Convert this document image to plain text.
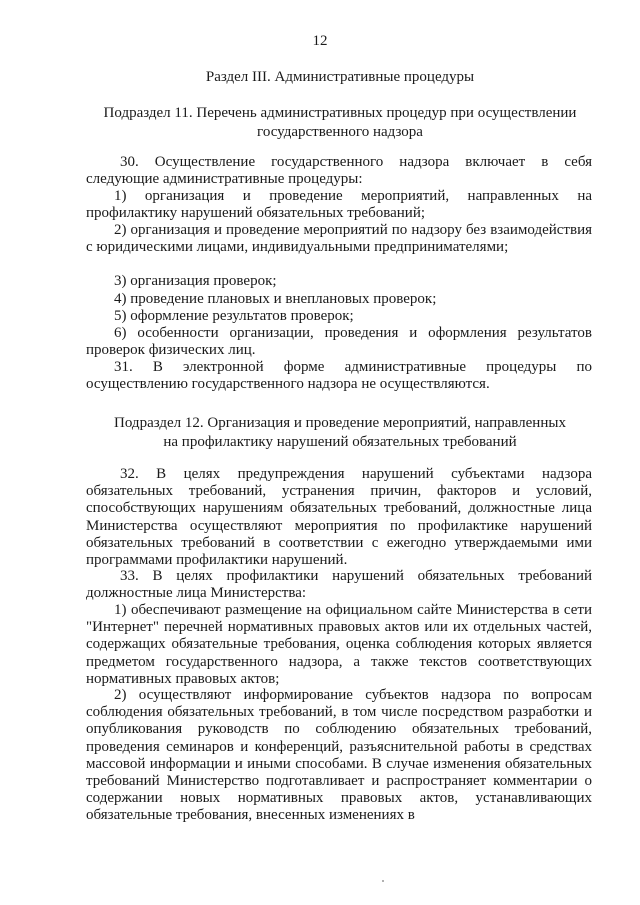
12
Раздел III. Административные процедуры
Подраздел 11. Перечень административных процедур при осуществлении
государственного надзора
30. Осуществление государственного надзора включает в себя следующие административные процедуры:
1) организация и проведение мероприятий, направленных на профилактику нарушений обязательных требований;
2) организация и проведение мероприятий по надзору без взаимодействия с юридическими лицами, индивидуальными предпринимателями;
3) организация проверок;
4) проведение плановых и внеплановых проверок;
5) оформление результатов проверок;
6) особенности организации, проведения и оформления результатов проверок физических лиц.
31. В электронной форме административные процедуры по осуществлению государственного надзора не осуществляются.
Подраздел 12. Организация и проведение мероприятий, направленных
на профилактику нарушений обязательных требований
32. В целях предупреждения нарушений субъектами надзора обязательных требований, устранения причин, факторов и условий, способствующих нарушениям обязательных требований, должностные лица Министерства осуществляют мероприятия по профилактике нарушений обязательных требований в соответствии с ежегодно утверждаемыми ими программами профилактики нарушений.
33. В целях профилактики нарушений обязательных требований должностные лица Министерства:
1) обеспечивают размещение на официальном сайте Министерства в сети "Интернет" перечней нормативных правовых актов или их отдельных частей, содержащих обязательные требования, оценка соблюдения которых является предметом государственного надзора, а также текстов соответствующих нормативных правовых актов;
2) осуществляют информирование субъектов надзора по вопросам соблюдения обязательных требований, в том числе посредством разработки и опубликования руководств по соблюдению обязательных требований, проведения семинаров и конференций, разъяснительной работы в средствах массовой информации и иными способами. В случае изменения обязательных требований Министерство подготавливает и распространяет комментарии о содержании новых нормативных правовых актов, устанавливающих обязательные требования, внесенных изменениях в
